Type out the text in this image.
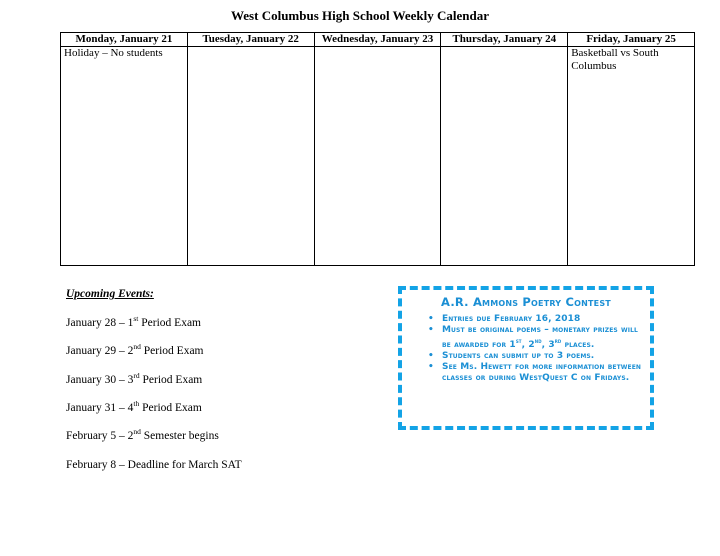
West Columbus High School Weekly Calendar
Monday, January 21	Tuesday, January 22	Wednesday, January 23	Thursday, January 24	Friday, January 25
Holiday – No students				Basketball vs South Columbus
Upcoming Events:
January 28 – 1st Period Exam
January 29 – 2nd Period Exam
January 30 – 3rd Period Exam
January 31 – 4th Period Exam
February 5 – 2nd Semester begins
February 8 – Deadline for March SAT
A.R. Ammons Poetry Contest
• Entries due February 16, 2018
• Must be original poems – monetary prizes will be awarded for 1st, 2nd, 3rd places.
• Students can submit up to 3 poems.
• See Ms. Hewett for more information between classes or during WestQuest C on Fridays.
